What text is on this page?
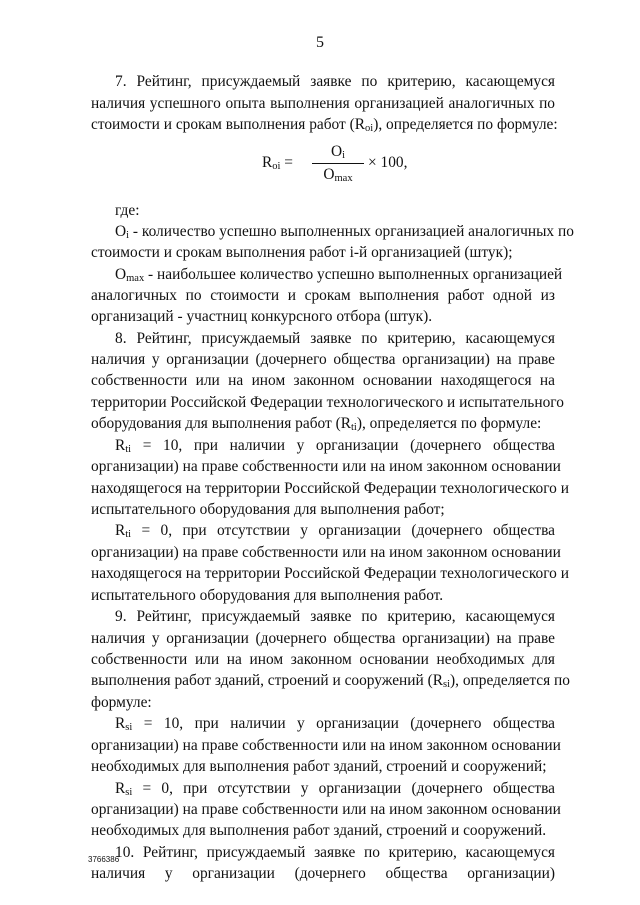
5
7. Рейтинг, присуждаемый заявке по критерию, касающемуся
наличия успешного опыта выполнения организацией аналогичных по
стоимости и срокам выполнения работ $(R_{oi})$, определяется по формуле:
$R_{oi}$ =
$O_i$
$O_{max}$
× 100,
где:
$O_i$ - количество успешно выполненных организацией аналогичных по
стоимости и срокам выполнения работ i-й организацией (штук);
$O_{max}$ - наибольшее количество успешно выполненных организацией
аналогичных по стоимости и срокам выполнения работ одной из
организаций - участниц конкурсного отбора (штук).
8. Рейтинг, присуждаемый заявке по критерию, касающемуся
наличия у организации (дочернего общества организации) на праве
собственности или на ином законном основании находящегося на
территории Российской Федерации технологического и испытательного
оборудования для выполнения работ $(R_{ti})$, определяется по формуле:
$R_{ti} = 10$, при наличии у организации (дочернего общества
организации) на праве собственности или на ином законном основании
находящегося на территории Российской Федерации технологического и
испытательного оборудования для выполнения работ;
$R_{ti} = 0$, при отсутствии у организации (дочернего общества
организации) на праве собственности или на ином законном основании
находящегося на территории Российской Федерации технологического и
испытательного оборудования для выполнения работ.
9. Рейтинг, присуждаемый заявке по критерию, касающемуся
наличия у организации (дочернего общества организации) на праве
собственности или на ином законном основании необходимых для
выполнения работ зданий, строений и сооружений $(R_{si})$, определяется по
формуле:
$R_{si} = 10$, при наличии у организации (дочернего общества
организации) на праве собственности или на ином законном основании
необходимых для выполнения работ зданий, строений и сооружений;
$R_{si} = 0$, при отсутствии у организации (дочернего общества
организации) на праве собственности или на ином законном основании
необходимых для выполнения работ зданий, строений и сооружений.
10. Рейтинг, присуждаемый заявке по критерию, касающемуся
наличия у организации (дочернего общества организации)
3766386
